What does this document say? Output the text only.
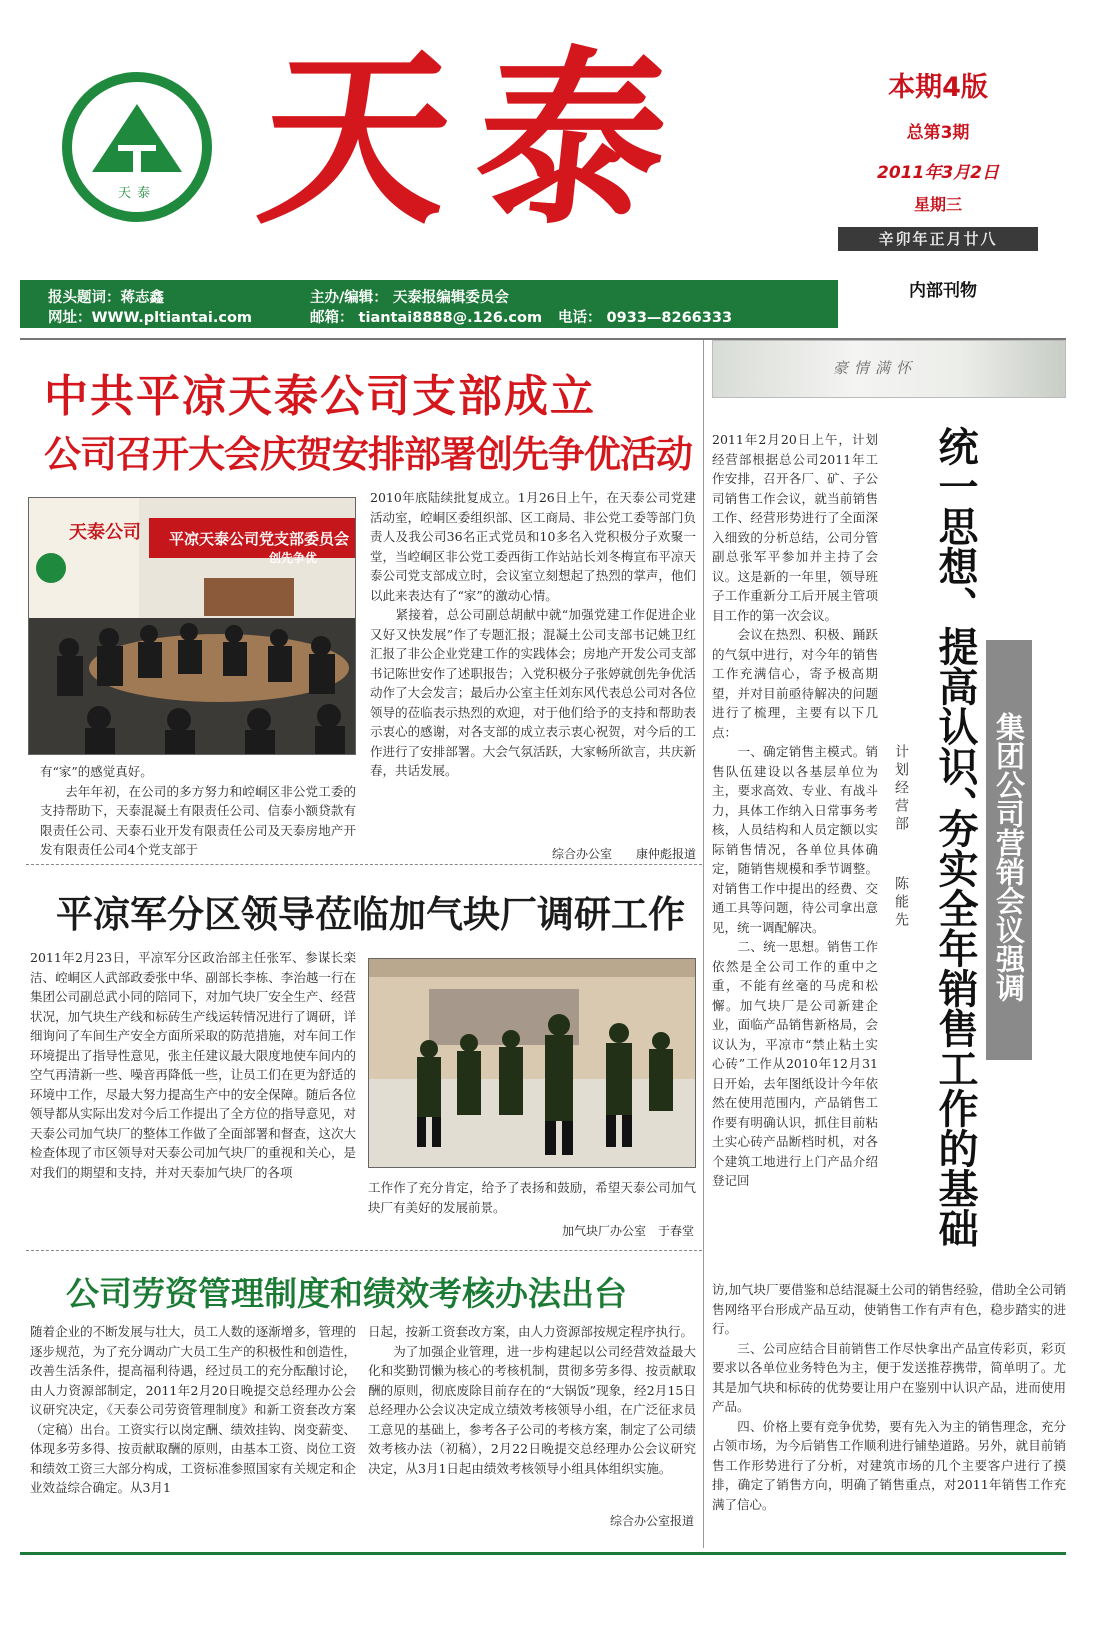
天泰 天泰	本期4版
总第3期
2011年3月2日
星期三
辛卯年正月廿八
内部刊物
报头题词：蒋志鑫	主办/编辑： 天泰报编辑委员会
网址：WWW.pltiantai.com	邮箱： tiantai8888@.126.com 电话： 0933—8266333
中共平凉天泰公司支部成立
公司召开大会庆贺安排部署创先争优活动
平凉天泰公司党支部委员会
创先争优
天泰公司
有“家”的感觉真好。
　　去年年初，在公司的多方努力和崆峒区非公党工委的支持帮助下，天泰混凝土有限责任公司、信泰小额贷款有限责任公司、天泰石业开发有限责任公司及天泰房地产开发有限责任公司4个党支部于
2010年底陆续批复成立。1月26日上午，在天泰公司党建活动室，崆峒区委组织部、区工商局、非公党工委等部门负责人及我公司36名正式党员和10多名入党积极分子欢聚一堂，当崆峒区非公党工委西街工作站站长刘冬梅宣布平凉天泰公司党支部成立时，会议室立刻想起了热烈的掌声，他们以此来表达有了“家”的激动心情。
　　紧接着，总公司副总胡献中就“加强党建工作促进企业又好又快发展”作了专题汇报；混凝土公司支部书记姚卫红汇报了非公企业党建工作的实践体会；房地产开发公司支部书记陈世安作了述职报告；入党积极分子张婷就创先争优活动作了大会发言；最后办公室主任刘东风代表总公司对各位领导的莅临表示热烈的欢迎，对于他们给予的支持和帮助表示衷心的感谢，对各支部的成立表示衷心祝贺，对今后的工作进行了安排部署。大会气氛活跃，大家畅所欲言，共庆新春，共话发展。
综合办公室　　康仲彪报道
平凉军分区领导莅临加气块厂调研工作
2011年2月23日，平凉军分区政治部主任张军、参谋长栾洁、崆峒区人武部政委张中华、副部长李栋、李治越一行在集团公司副总武小同的陪同下，对加气块厂安全生产、经营状况，加气块生产线和标砖生产线运转情况进行了调研，详细询问了车间生产安全方面所采取的防范措施，对车间工作环境提出了指导性意见，张主任建议最大限度地使车间内的空气再清新一些、噪音再降低一些，让员工们在更为舒适的环境中工作，尽最大努力提高生产中的安全保障。随后各位领导都从实际出发对今后工作提出了全方位的指导意见，对天泰公司加气块厂的整体工作做了全面部署和督查，这次大检查体现了市区领导对天泰公司加气块厂的重视和关心，是对我们的期望和支持，并对天泰加气块厂的各项
工作作了充分肯定，给予了表扬和鼓励，希望天泰公司加气块厂有美好的发展前景。
加气块厂办公室　于春堂
公司劳资管理制度和绩效考核办法出台
随着企业的不断发展与壮大，员工人数的逐渐增多，管理的逐步规范，为了充分调动广大员工生产的积极性和创造性，改善生活条件，提高福利待遇，经过员工的充分酝酿讨论，由人力资源部制定，2011年2月20日晚提交总经理办公会议研究决定，《天泰公司劳资管理制度》和新工资套改方案（定稿）出台。工资实行以岗定酬、绩效挂钩、岗变薪变、体现多劳多得、按贡献取酬的原则，由基本工资、岗位工资和绩效工资三大部分构成，工资标准参照国家有关规定和企业效益综合确定。从3月1
日起，按新工资套改方案，由人力资源部按规定程序执行。
　　为了加强企业管理，进一步构建起以公司经营效益最大化和奖勤罚懒为核心的考核机制，贯彻多劳多得、按贡献取酬的原则，彻底废除目前存在的“大锅饭”现象，经2月15日总经理办公会议决定成立绩效考核领导小组，在广泛征求员工意见的基础上，参考各子公司的考核方案，制定了公司绩效考核办法（初稿），2月22日晚提交总经理办公会议研究决定，从3月1日起由绩效考核领导小组具体组织实施。
综合办公室报道
豪情满怀
2011年2月20日上午，计划经营部根据总公司2011年工作安排，召开各厂、矿、子公司销售工作会议，就当前销售工作、经营形势进行了全面深入细致的分析总结，公司分管副总张军平参加并主持了会议。这是新的一年里，领导班子工作重新分工后开展主管项目工作的第一次会议。
　　会议在热烈、积极、踊跃的气氛中进行，对今年的销售工作充满信心，寄予极高期望，并对目前亟待解决的问题进行了梳理，主要有以下几点：
　　一、确定销售主模式。销售队伍建设以各基层单位为主，要求高效、专业、有战斗力，具体工作纳入日常事务考核，人员结构和人员定额以实际销售情况，各单位具体确定，随销售规模和季节调整。对销售工作中提出的经费、交通工具等问题，待公司拿出意见，统一调配解决。
　　二、统一思想。销售工作依然是全公司工作的重中之重，不能有丝毫的马虎和松懈。加气块厂是公司新建企业，面临产品销售新格局，会议认为，平凉市“禁止粘土实心砖”工作从2010年12月31日开始，去年图纸设计今年依然在使用范围内，产品销售工作要有明确认识，抓住目前粘土实心砖产品断档时机，对各个建筑工地进行上门产品介绍登记回
统一思想、提高认识、
夯实全年销售工作的基础 集团公司营销会议强调
计划经营部
陈能先
访,加气块厂要借鉴和总结混凝土公司的销售经验，借助全公司销售网络平台形成产品互动，使销售工作有声有色，稳步踏实的进行。
　　三、公司应结合目前销售工作尽快拿出产品宣传彩页，彩页要求以各单位业务特色为主，便于发送推荐携带，简单明了。尤其是加气块和标砖的优势要让用户在鉴别中认识产品，进而使用产品。
　　四、价格上要有竞争优势，要有先入为主的销售理念，充分占领市场，为今后销售工作顺利进行铺垫道路。另外，就目前销售工作形势进行了分析，对建筑市场的几个主要客户进行了摸排，确定了销售方向，明确了销售重点，对2011年销售工作充满了信心。
